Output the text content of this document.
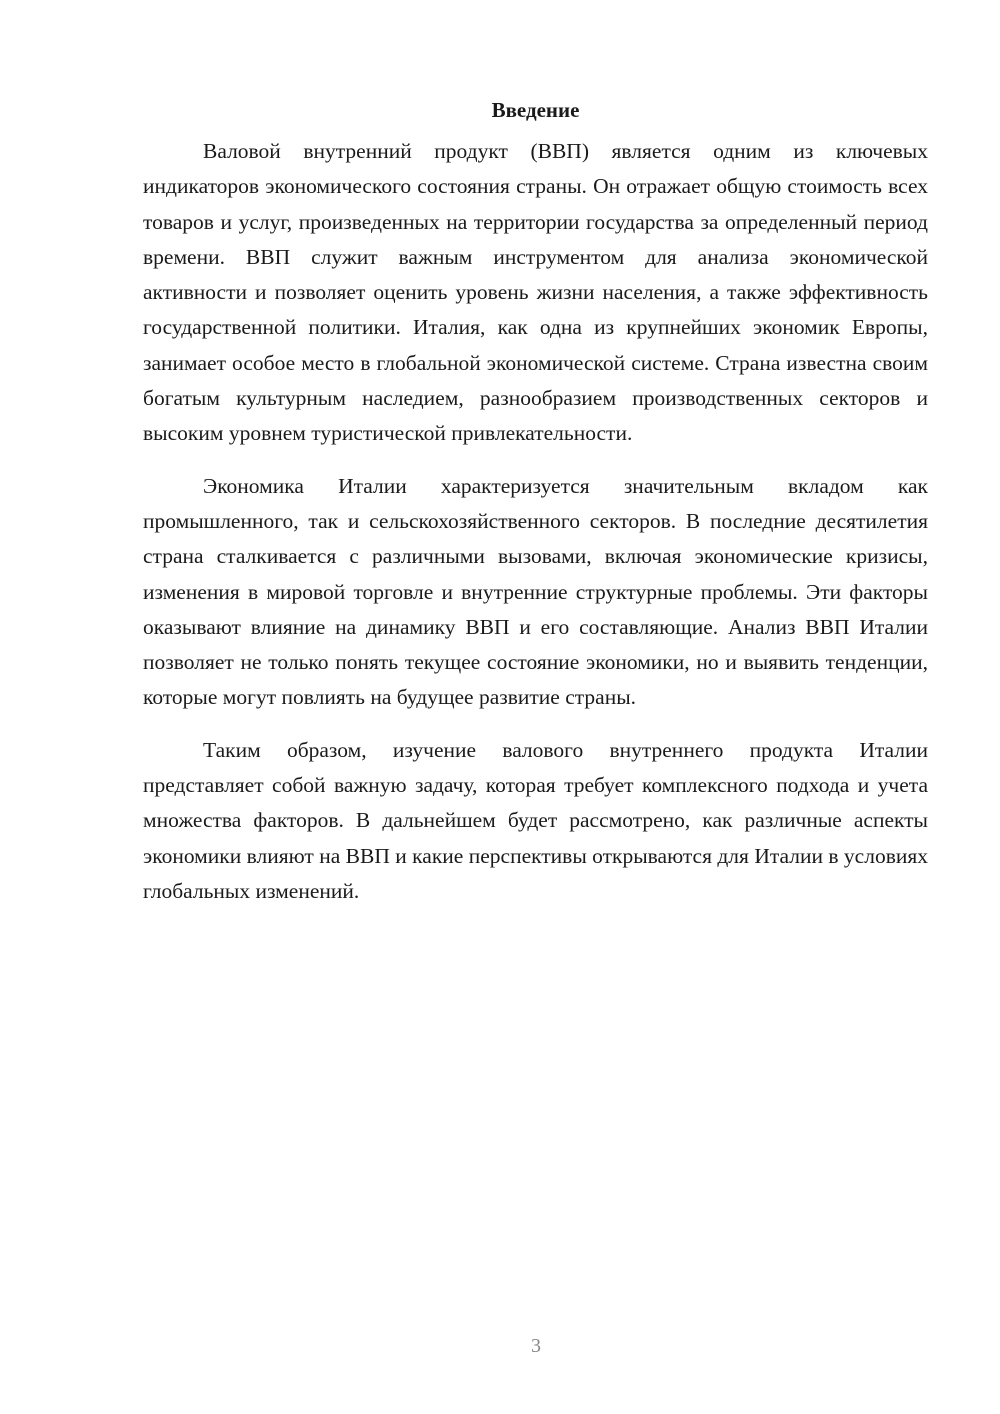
Введение

Валовой внутренний продукт (ВВП) является одним из ключевых индикаторов экономического состояния страны. Он отражает общую стоимость всех товаров и услуг, произведенных на территории государства за определенный период времени. ВВП служит важным инструментом для анализа экономической активности и позволяет оценить уровень жизни населения, а также эффективность государственной политики. Италия, как одна из крупнейших экономик Европы, занимает особое место в глобальной экономической системе. Страна известна своим богатым культурным наследием, разнообразием производственных секторов и высоким уровнем туристической привлекательности.

Экономика Италии характеризуется значительным вкладом как промышленного, так и сельскохозяйственного секторов. В последние десятилетия страна сталкивается с различными вызовами, включая экономические кризисы, изменения в мировой торговле и внутренние структурные проблемы. Эти факторы оказывают влияние на динамику ВВП и его составляющие. Анализ ВВП Италии позволяет не только понять текущее состояние экономики, но и выявить тенденции, которые могут повлиять на будущее развитие страны.

Таким образом, изучение валового внутреннего продукта Италии представляет собой важную задачу, которая требует комплексного подхода и учета множества факторов. В дальнейшем будет рассмотрено, как различные аспекты экономики влияют на ВВП и какие перспективы открываются для Италии в условиях глобальных изменений.

3
